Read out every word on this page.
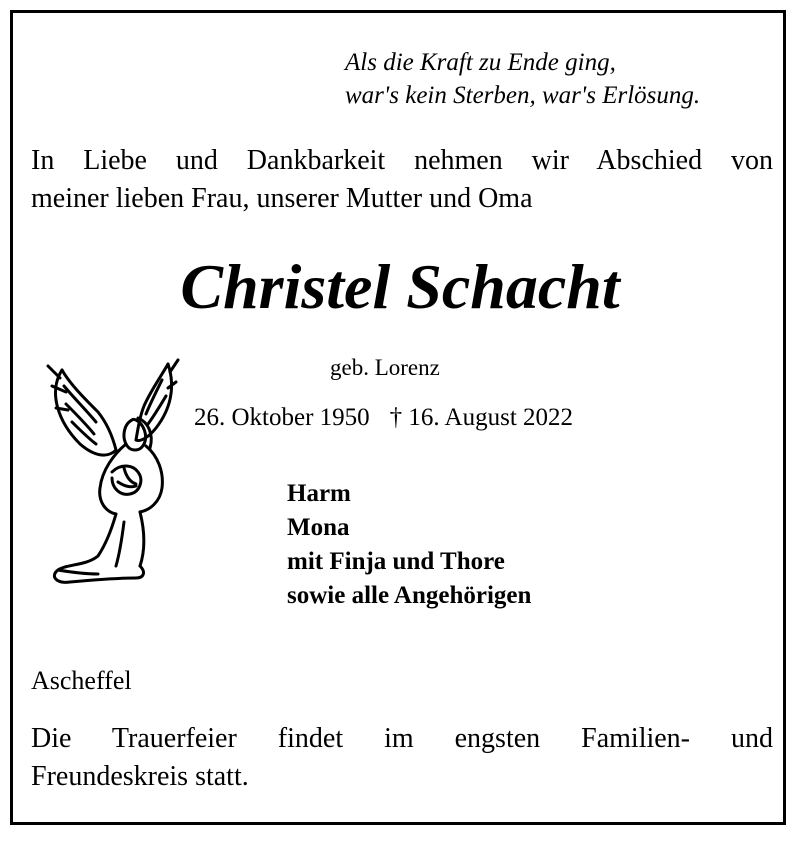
Als die Kraft zu Ende ging,
war's kein Sterben, war's Erlösung.
In Liebe und Dankbarkeit nehmen wir Abschied von
meiner lieben Frau, unserer Mutter und Oma
Christel Schacht
geb. Lorenz
26. Oktober 1950 † 16. August 2022
Harm
Mona
mit Finja und Thore
sowie alle Angehörigen
Ascheffel
Die Trauerfeier findet im engsten Familien- und
Freundeskreis statt.
